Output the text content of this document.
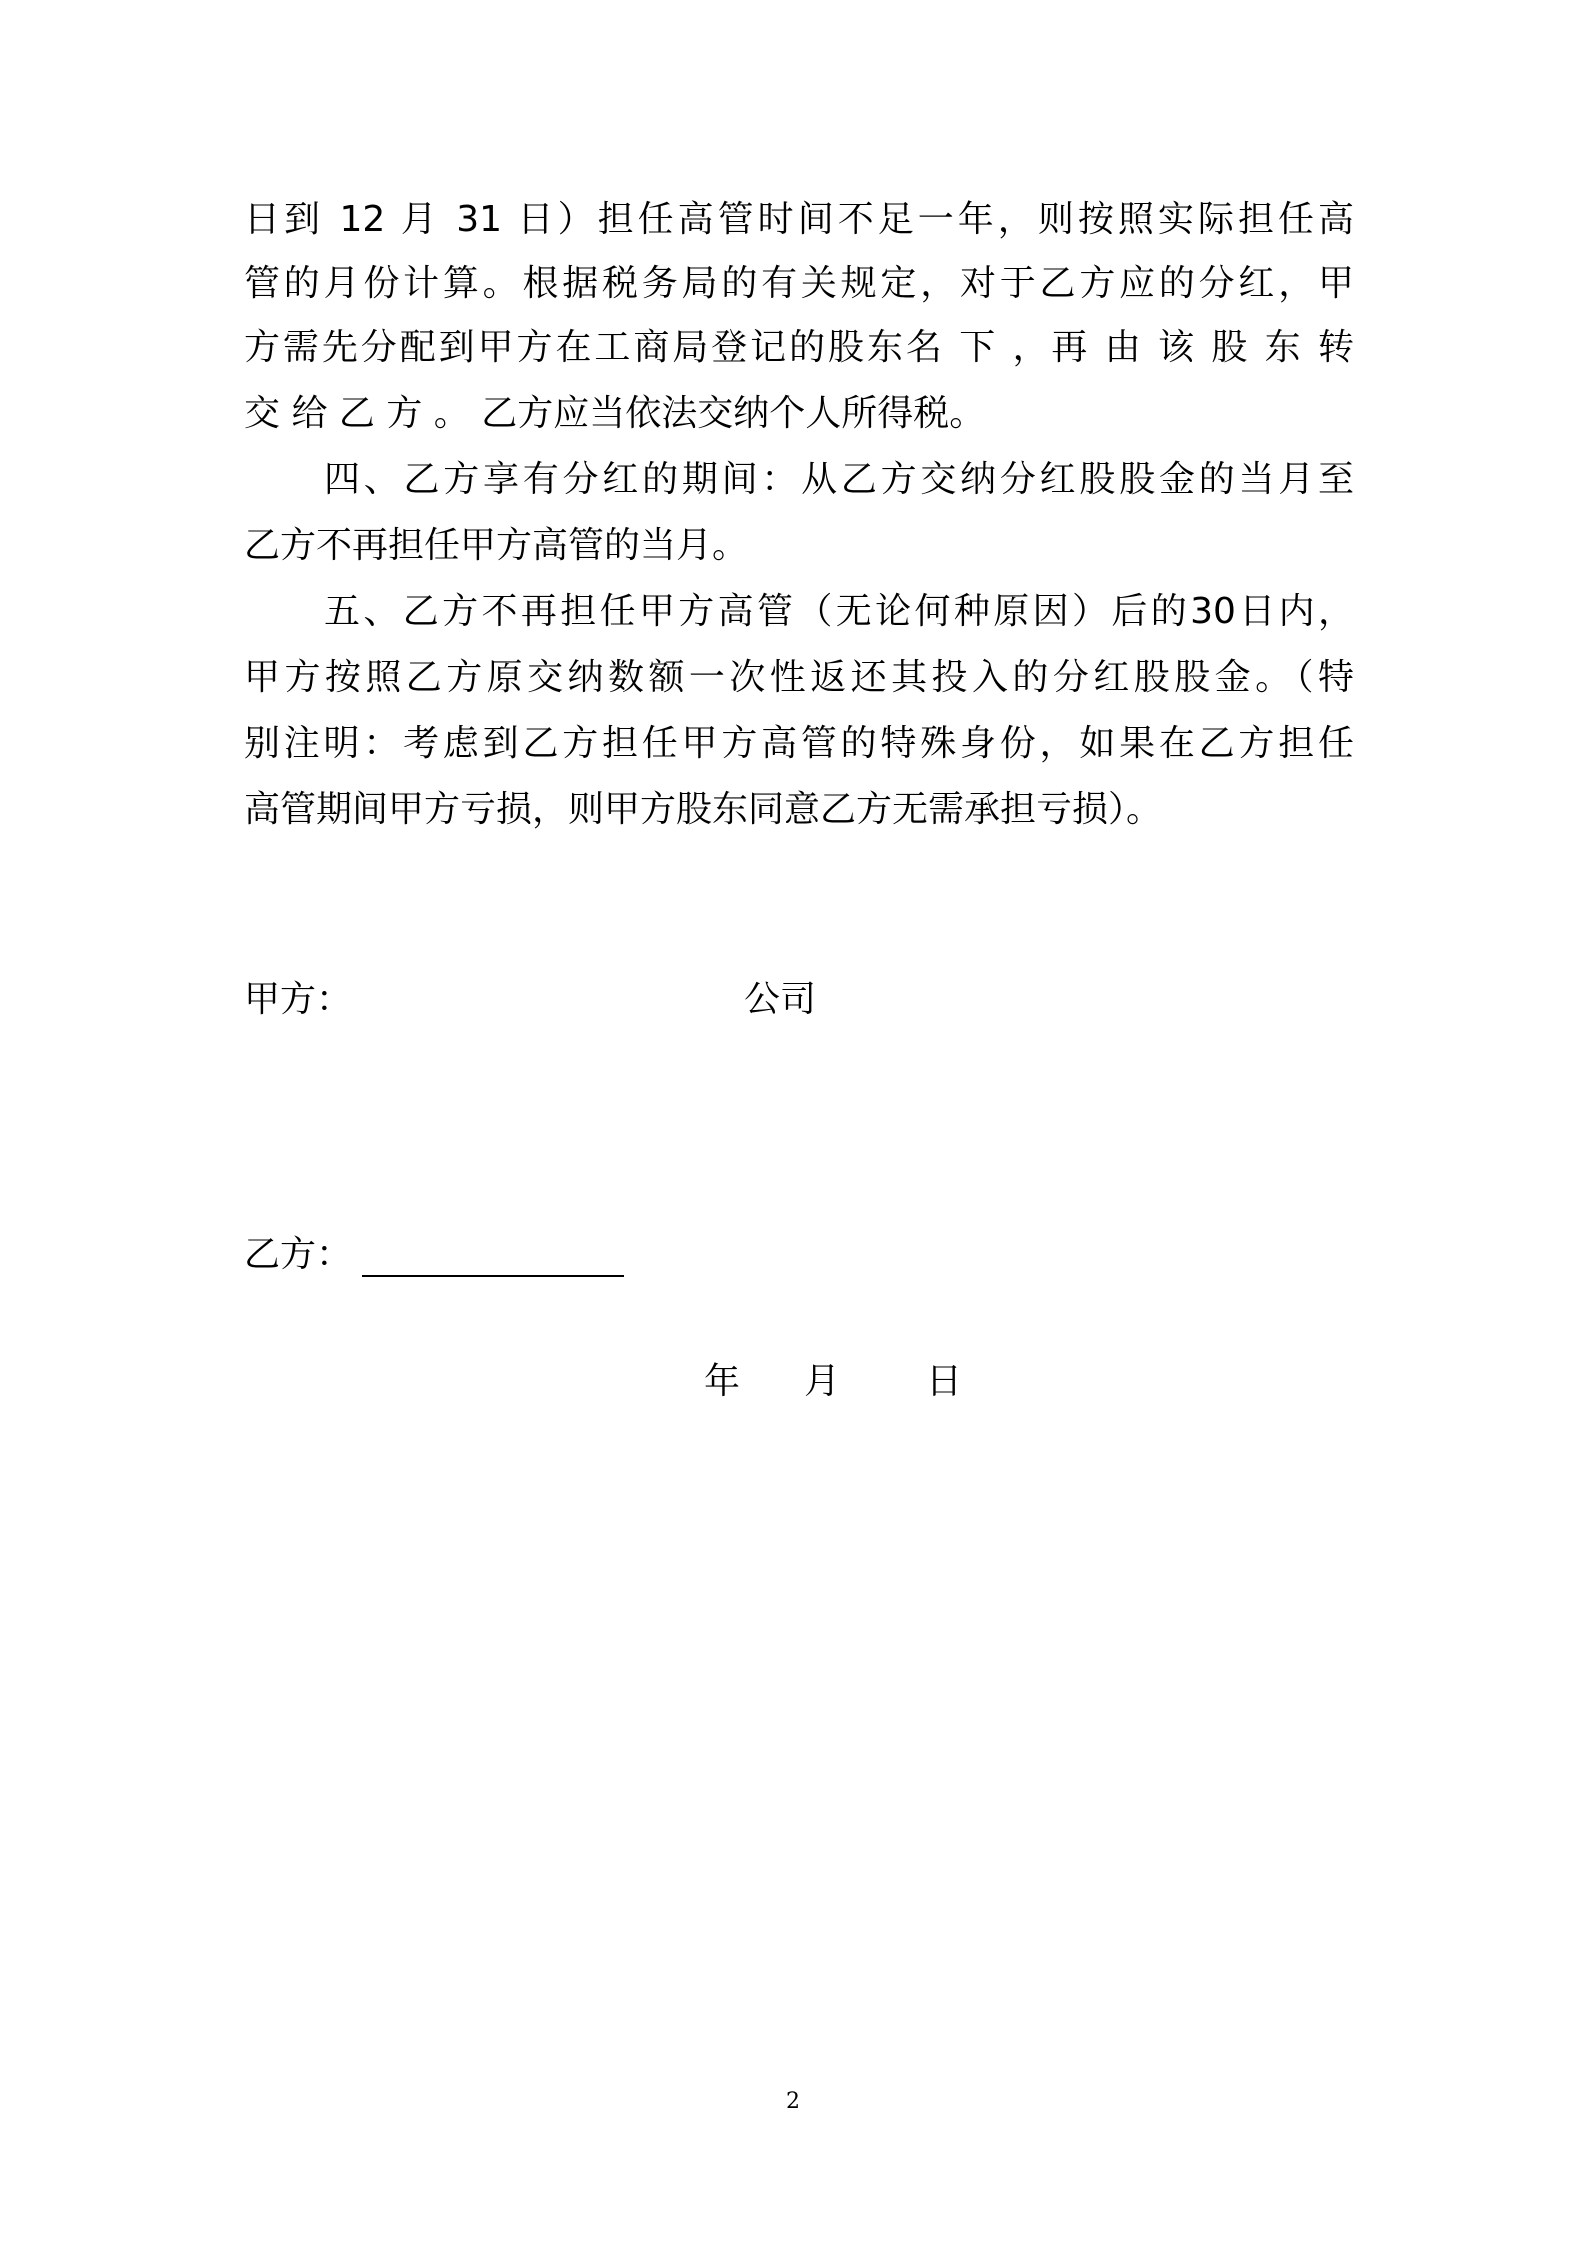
日到 12 月 31 日）担任高管时间不足一年，则按照实际担任高
管的月份计算。根据税务局的有关规定，对于乙方应的分红，甲
方需先分配到甲方在工商局登记的股东名 下 ，再 由 该 股 东 转
交 给 乙 方 。 乙方应当依法交纳个人所得税。
四、乙方享有分红的期间：从乙方交纳分红股股金的当月至
乙方不再担任甲方高管的当月。
五、乙方不再担任甲方高管（无论何种原因）后的30日内，
甲方按照乙方原交纳数额一次性返还其投入的分红股股金。（特
别注明：考虑到乙方担任甲方高管的特殊身份，如果在乙方担任
高管期间甲方亏损，则甲方股东同意乙方无需承担亏损）。
甲方：	公司
乙方：
年 月 日
2
